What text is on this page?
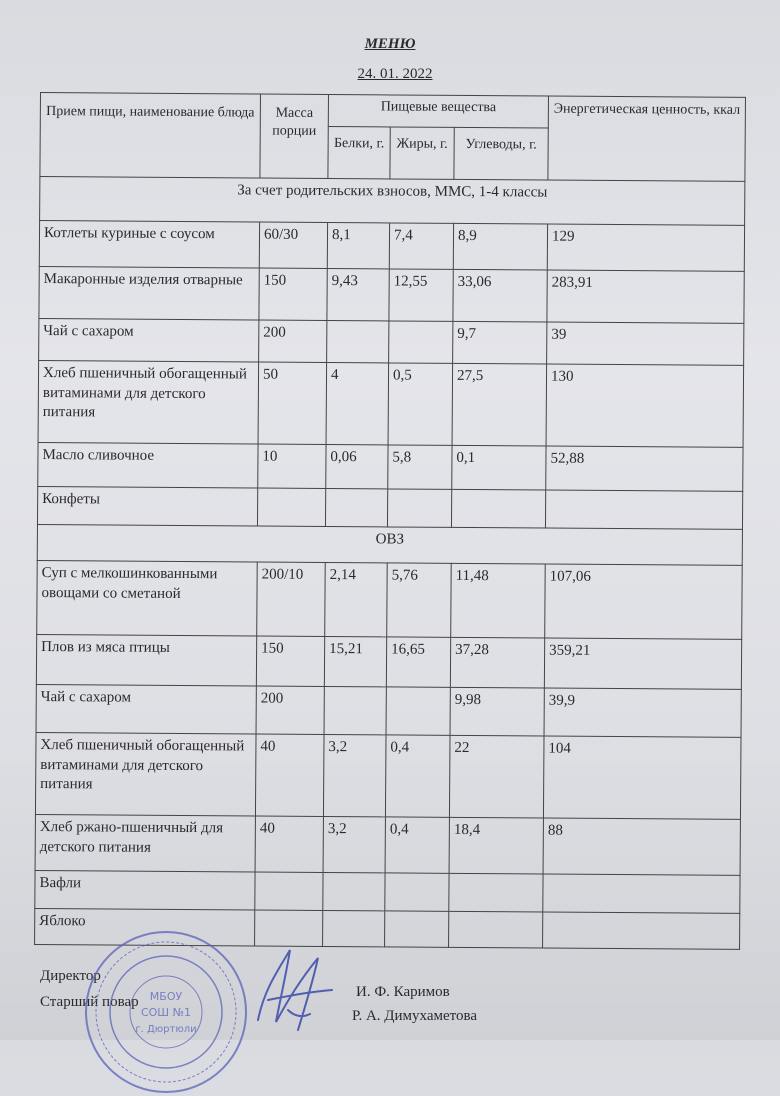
МЕНЮ
24. 01. 2022
Прием пищи, наименование блюда	Масса порции	Пищевые вещества			Энергетическая ценность, ккал
		Белки, г.	Жиры, г.	Углеводы, г.	
За счет родительских взносов, ММС, 1-4 классы					
Котлеты куриные с соусом	60/30	8,1	7,4	8,9	129
Макаронные изделия отварные	150	9,43	12,55	33,06	283,91
Чай с сахаром	200			9,7	39
Хлеб пшеничный обогащенный витаминами для детского питания	50	4	0,5	27,5	130
Масло сливочное	10	0,06	5,8	0,1	52,88
Конфеты					
ОВЗ					
Суп с мелкошинкованными овощами со сметаной	200/10	2,14	5,76	11,48	107,06
Плов из мяса птицы	150	15,21	16,65	37,28	359,21
Чай с сахаром	200			9,98	39,9
Хлеб пшеничный обогащенный витаминами для детского питания	40	3,2	0,4	22	104
Хлеб ржано-пшеничный для детского питания	40	3,2	0,4	18,4	88
Вафли					
Яблоко					
Директор
Старший повар
И. Ф. Каримов
Р. А. Димухаметова
МБОУ
СОШ №1
г. Дюртюли
